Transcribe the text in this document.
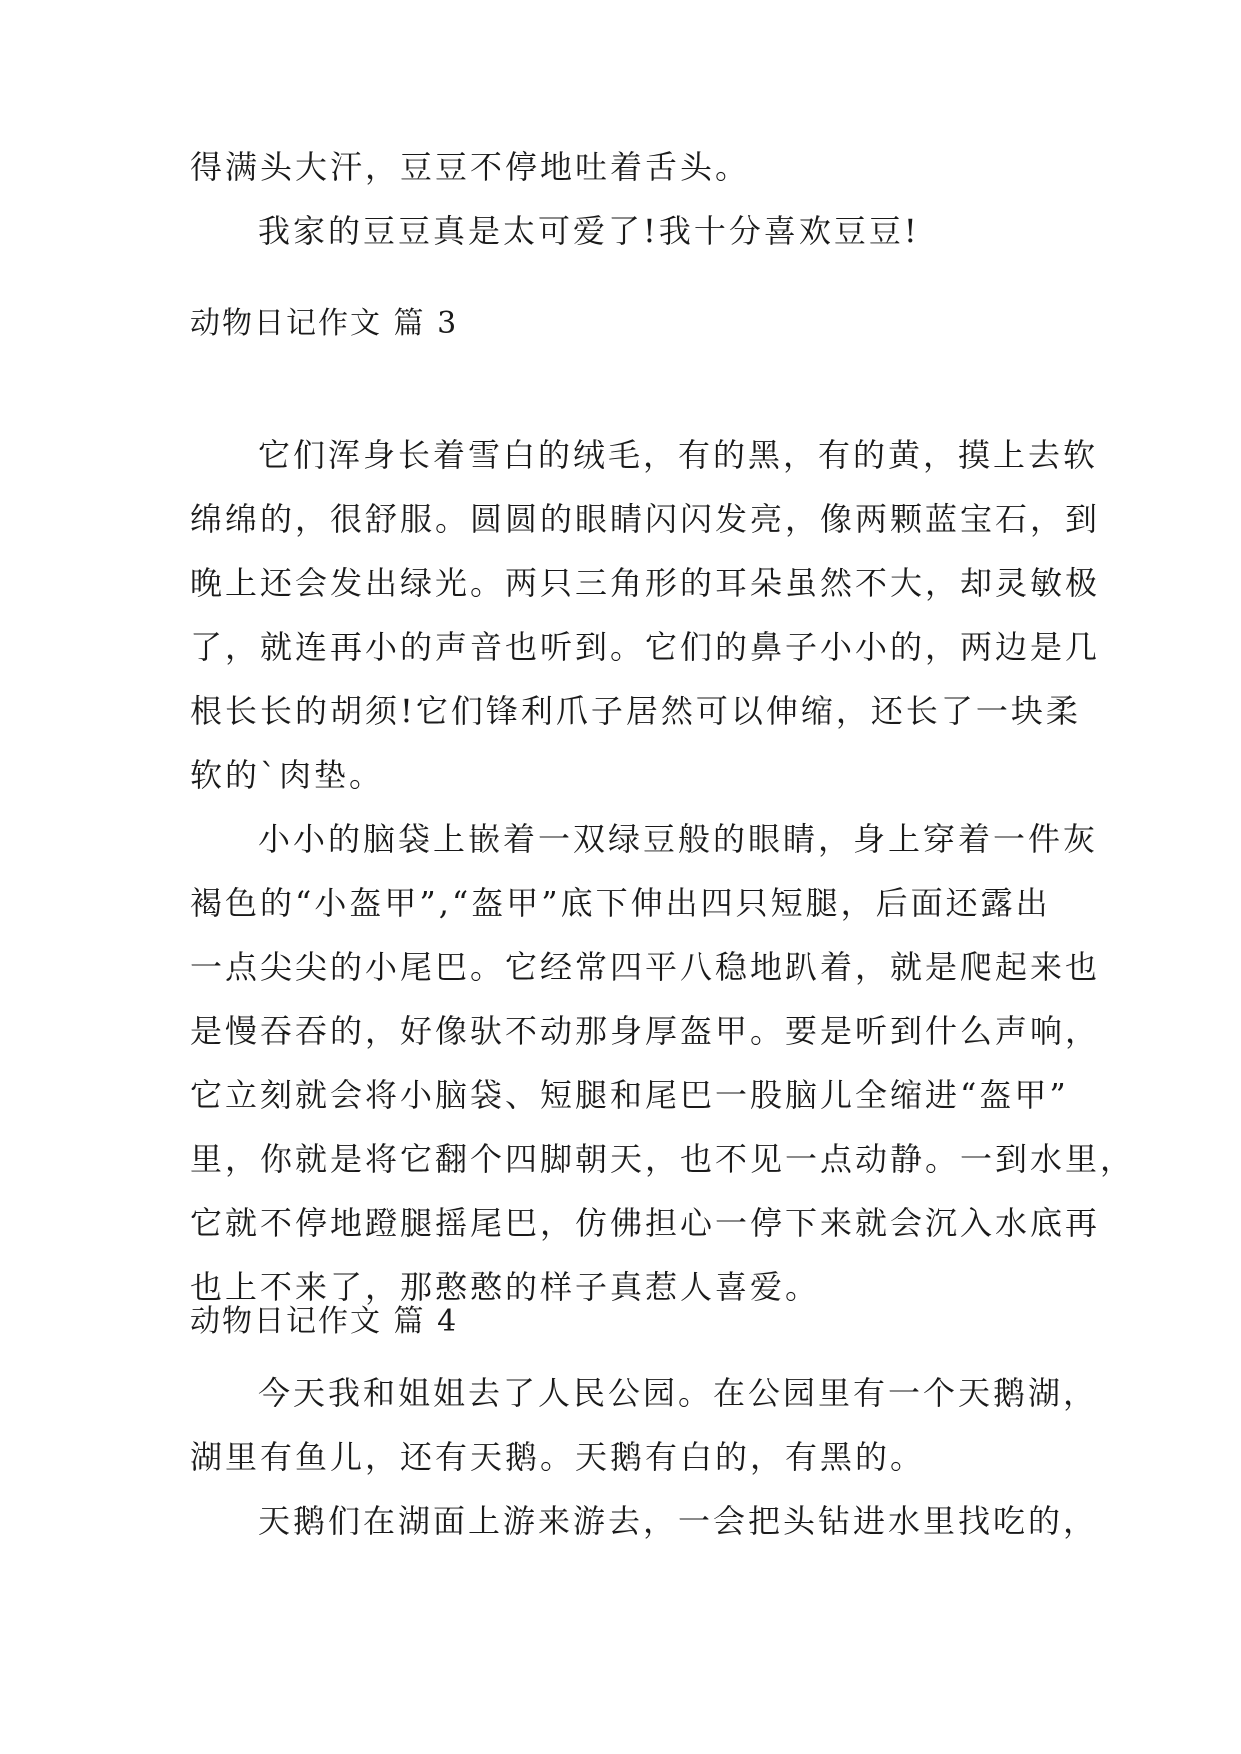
得满头大汗，豆豆不停地吐着舌头。
我家的豆豆真是太可爱了!我十分喜欢豆豆!
动物日记作文 篇 3
它们浑身长着雪白的绒毛，有的黑，有的黄，摸上去软
绵绵的，很舒服。圆圆的眼睛闪闪发亮，像两颗蓝宝石，到
晚上还会发出绿光。两只三角形的耳朵虽然不大，却灵敏极
了，就连再小的声音也听到。它们的鼻子小小的，两边是几
根长长的胡须!它们锋利爪子居然可以伸缩，还长了一块柔
软的`肉垫。
小小的脑袋上嵌着一双绿豆般的眼睛，身上穿着一件灰
褐色的“小盔甲”,“盔甲”底下伸出四只短腿，后面还露出
一点尖尖的小尾巴。它经常四平八稳地趴着，就是爬起来也
是慢吞吞的，好像驮不动那身厚盔甲。要是听到什么声响，
它立刻就会将小脑袋、短腿和尾巴一股脑儿全缩进“盔甲”
里，你就是将它翻个四脚朝天，也不见一点动静。一到水里，
它就不停地蹬腿摇尾巴，仿佛担心一停下来就会沉入水底再
也上不来了，那憨憨的样子真惹人喜爱。
动物日记作文 篇 4
今天我和姐姐去了人民公园。在公园里有一个天鹅湖，
湖里有鱼儿，还有天鹅。天鹅有白的，有黑的。
天鹅们在湖面上游来游去，一会把头钻进水里找吃的，
